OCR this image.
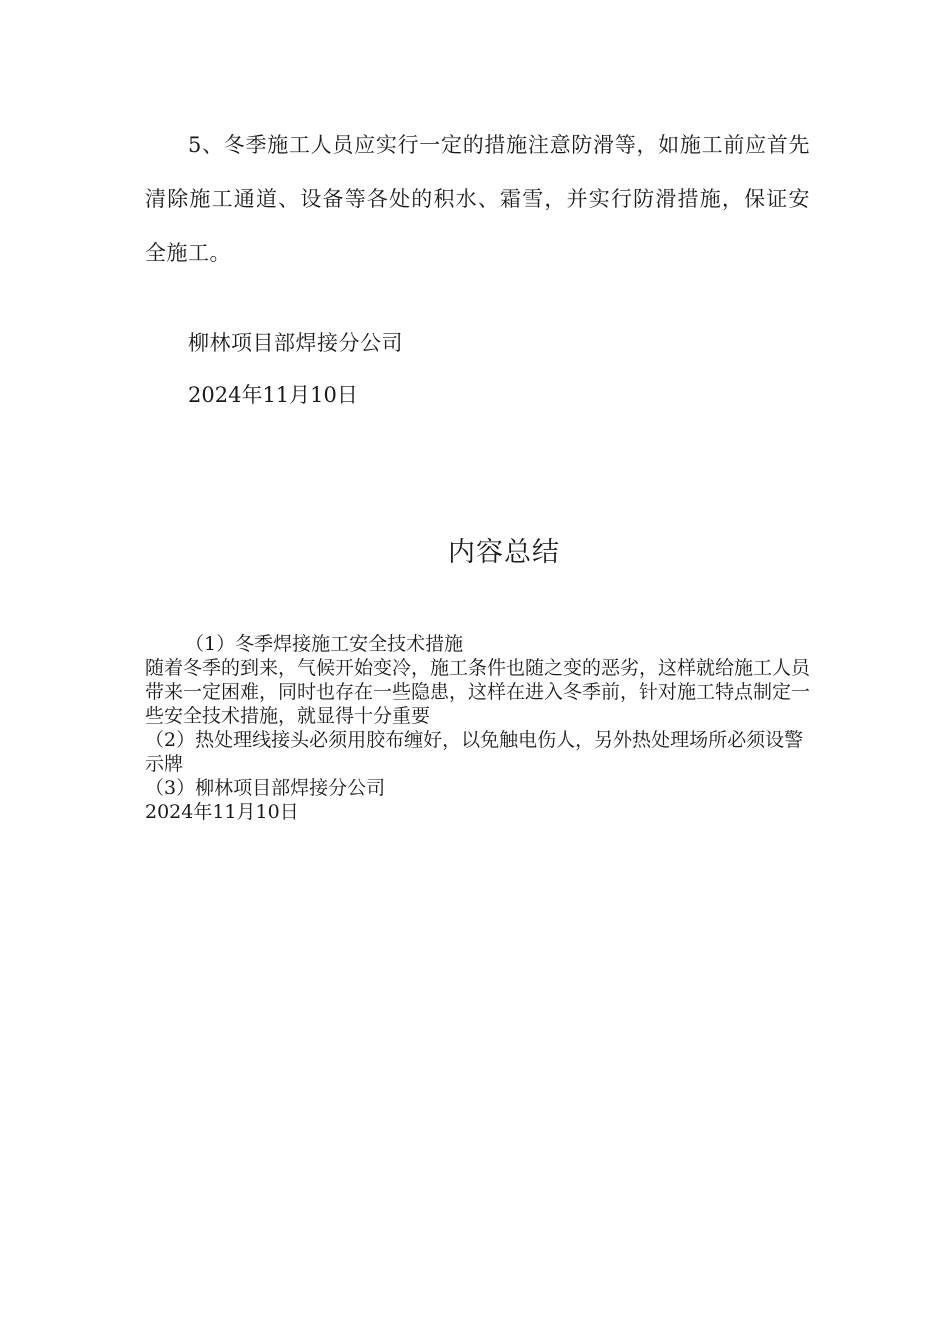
5、冬季施工人员应实行一定的措施注意防滑等，如施工前应首先清除施工通道、设备等各处的积水、霜雪，并实行防滑措施，保证安全施工。

柳林项目部焊接分公司

2024年11月10日

内容总结

（1）冬季焊接施工安全技术措施

随着冬季的到来，气候开始变冷，施工条件也随之变的恶劣，这样就给施工人员带来一定困难，同时也存在一些隐患，这样在进入冬季前，针对施工特点制定一些安全技术措施，就显得十分重要

（2）热处理线接头必须用胶布缠好，以免触电伤人，另外热处理场所必须设警示牌

（3）柳林项目部焊接分公司

2024年11月10日
